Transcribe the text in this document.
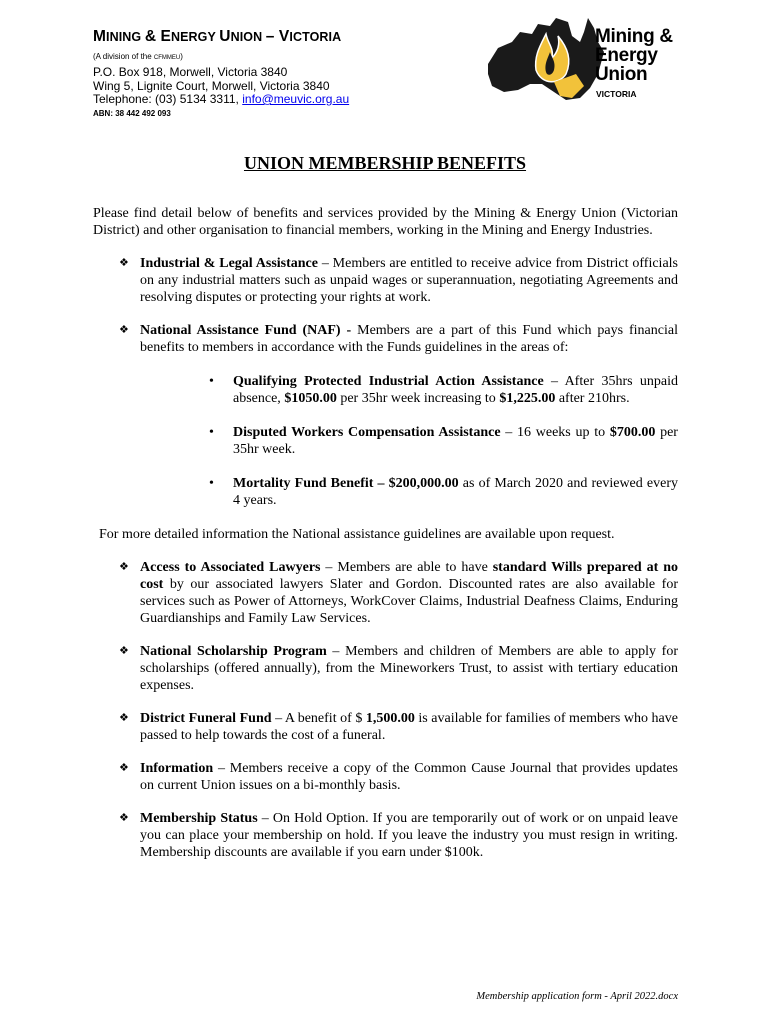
MINING & ENERGY UNION – VICTORIA
(A division of the CFMMEU)
P.O. Box 918, Morwell, Victoria 3840
Wing 5, Lignite Court, Morwell, Victoria 3840
Telephone: (03) 5134 3311, info@meuvic.org.au
ABN: 38 442 492 093
Mining &
Energy
Union
VICTORIA
UNION MEMBERSHIP BENEFITS

Please find detail below of benefits and services provided by the Mining & Energy Union (Victorian District) and other organisation to financial members, working in the Mining and Energy Industries.

❖ Industrial & Legal Assistance – Members are entitled to receive advice from District officials on any industrial matters such as unpaid wages or superannuation, negotiating Agreements and resolving disputes or protecting your rights at work.
❖ National Assistance Fund (NAF) - Members are a part of this Fund which pays financial benefits to members in accordance with the Funds guidelines in the areas of:
• Qualifying Protected Industrial Action Assistance – After 35hrs unpaid absence, $1050.00 per 35hr week increasing to $1,225.00 after 210hrs.
• Disputed Workers Compensation Assistance – 16 weeks up to $700.00 per 35hr week.
• Mortality Fund Benefit – $200,000.00 as of March 2020 and reviewed every 4 years.

For more detailed information the National assistance guidelines are available upon request.

❖ Access to Associated Lawyers – Members are able to have standard Wills prepared at no cost by our associated lawyers Slater and Gordon. Discounted rates are also available for services such as Power of Attorneys, WorkCover Claims, Industrial Deafness Claims, Enduring Guardianships and Family Law Services.
❖ National Scholarship Program – Members and children of Members are able to apply for scholarships (offered annually), from the Mineworkers Trust, to assist with tertiary education expenses.
❖ District Funeral Fund – A benefit of $ 1,500.00 is available for families of members who have passed to help towards the cost of a funeral.
❖ Information – Members receive a copy of the Common Cause Journal that provides updates on current Union issues on a bi-monthly basis.
❖ Membership Status – On Hold Option. If you are temporarily out of work or on unpaid leave you can place your membership on hold. If you leave the industry you must resign in writing. Membership discounts are available if you earn under $100k.
Membership application form - April 2022.docx
